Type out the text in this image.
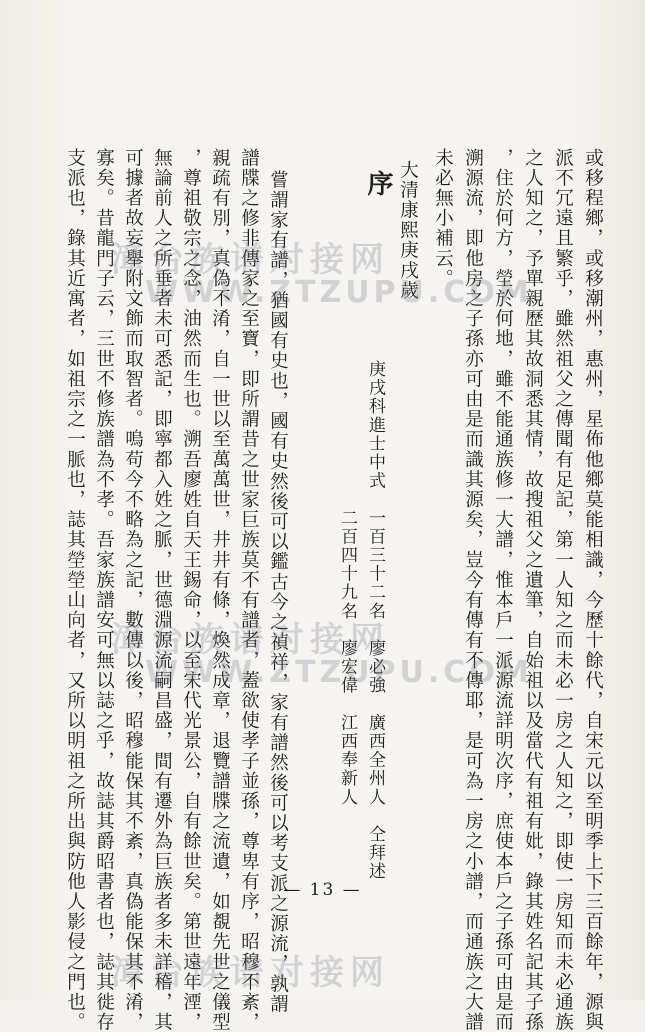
或移程鄉，或移潮州，惠州，星佈他鄉莫能相識，今歷十餘代，自宋元以至明季上下三百餘年，源與
派不冗遠且繁乎，雖然祖父之傳聞有足記，第一人知之而未必一房之人知之，即使一房知而未必通族
之人知之，予單親歷其故洞悉其情，故搜祖父之遺筆，自始祖以及當代有祖有妣，錄其姓名記其子孫
，住於何方，塋於何地，雖不能通族修一大譜，惟本戶一派源流詳明次序，庶使本戶之子孫可由是而
溯源流，即他房之子孫亦可由是而識其源矣，豈今有傳有不傳耶，是可為一房之小譜，而通族之大譜
未必無小補云。
大清康熙庚戌歲
庚戌科進士中式　一百三十二名　廖必強　廣西全州人　仝拜述
　　　　　　　　二百四十九名　廖宏偉　江西奉新人
序
嘗謂家有譜，猶國有史也，國有史然後可以鑑古今之禎祥，家有譜然後可以考支派之源流，孰謂
譜牒之修非傳家之至寶，即所謂昔之世家巨族莫不有譜者，蓋欲使孝子並孫，尊卑有序，昭穆不紊，
親疏有別，真偽不淆，自一世以至萬萬世，井井有條，煥然成章，退覽譜牒之流遺，如覩先世之儀型
，尊祖敬宗之念，油然而生也。溯吾廖姓自天王錫命，以至宋代光景公，自有餘世矣。第世遠年湮，
無論前人之所垂者未可悉記，即寧都入姓之脈，世德淵源流嗣昌盛，間有遷外為巨族者多未詳稽，其
可據者故妄舉附文飾而取智者。嗚苟今不略為之記，數傳以後，昭穆能保其不紊，真偽能保其不淆，
寡矣。昔龍門子云，三世不修族譜為不孝。吾家族譜安可無以誌之乎，故誌其爵昭書者也，誌其徙存
支派也，錄其近寓者，如祖宗之一脈也，誌其塋塋山向者，又所以明祖之所出與防他人影侵之門也。	— 13 —
漳台族谱对接网
WWW.ZTZUPU.COM
漳台族谱对接网
WWW.ZTZUPU.COM
漳台族谱对接网
